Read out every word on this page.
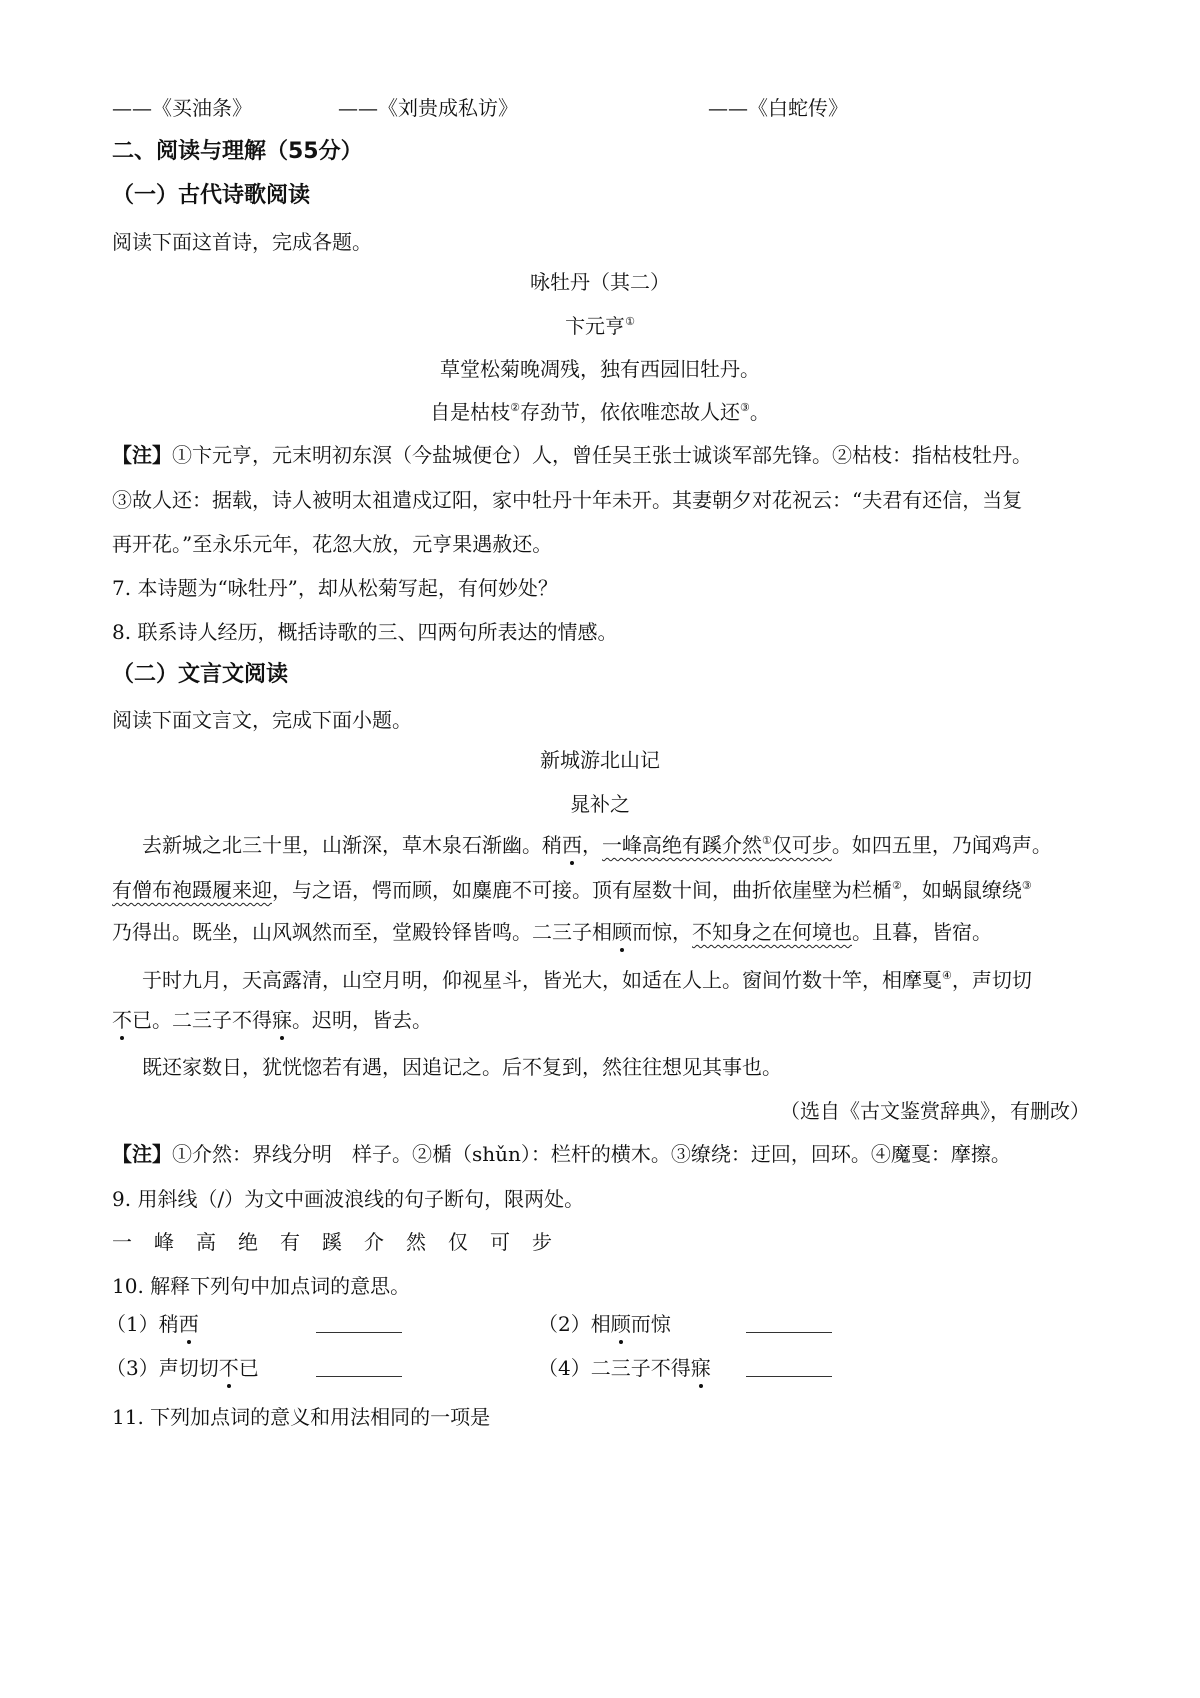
——《买油条》	——《刘贵成私访》	——《白蛇传》
二、阅读与理解（55分）
（一）古代诗歌阅读
阅读下面这首诗，完成各题。
咏牡丹（其二）
卞元亨①
草堂松菊晚凋残，独有西园旧牡丹。
自是枯枝②存劲节，依依唯恋故人还③。
【注】①卞元亨，元末明初东溟（今盐城便仓）人，曾任吴王张士诚谈军部先锋。②枯枝：指枯枝牡丹。
③故人还：据载，诗人被明太祖遣戍辽阳，家中牡丹十年未开。其妻朝夕对花祝云：“夫君有还信，当复
再开花。”至永乐元年，花忽大放，元亨果遇赦还。
7. 本诗题为“咏牡丹”，却从松菊写起，有何妙处？
8. 联系诗人经历，概括诗歌的三、四两句所表达的情感。
（二）文言文阅读
阅读下面文言文，完成下面小题。
新城游北山记
晁补之
去新城之北三十里，山渐深，草木泉石渐幽。稍西，一峰高绝有蹊介然①仅可步。如四五里，乃闻鸡声。
有僧布袍蹑履来迎，与之语，愕而顾，如麋鹿不可接。顶有屋数十间，曲折依崖壁为栏楯②，如蜗鼠缭绕③
乃得出。既坐，山风飒然而至，堂殿铃铎皆鸣。二三子相顾而惊，不知身之在何境也。且暮，皆宿。
于时九月，天高露清，山空月明，仰视星斗，皆光大，如适在人上。窗间竹数十竿，相摩戛④，声切切
不已。二三子不得寐。迟明，皆去。
既还家数日，犹恍惚若有遇，因追记之。后不复到，然往往想见其事也。
（选自《古文鉴赏辞典》，有删改）
【注】①介然：界线分明　样子。②楯（shǔn）：栏杆的横木。③缭绕：迂回，回环。④魔戛：摩擦。
9. 用斜线（/）为文中画波浪线的句子断句，限两处。
一 峰 高 绝 有 蹊 介 然 仅 可 步
10. 解释下列句中加点词的意思。
（1）稍西	（2）相顾而惊
（3）声切切不已	（4）二三子不得寐
11. 下列加点词的意义和用法相同的一项是
